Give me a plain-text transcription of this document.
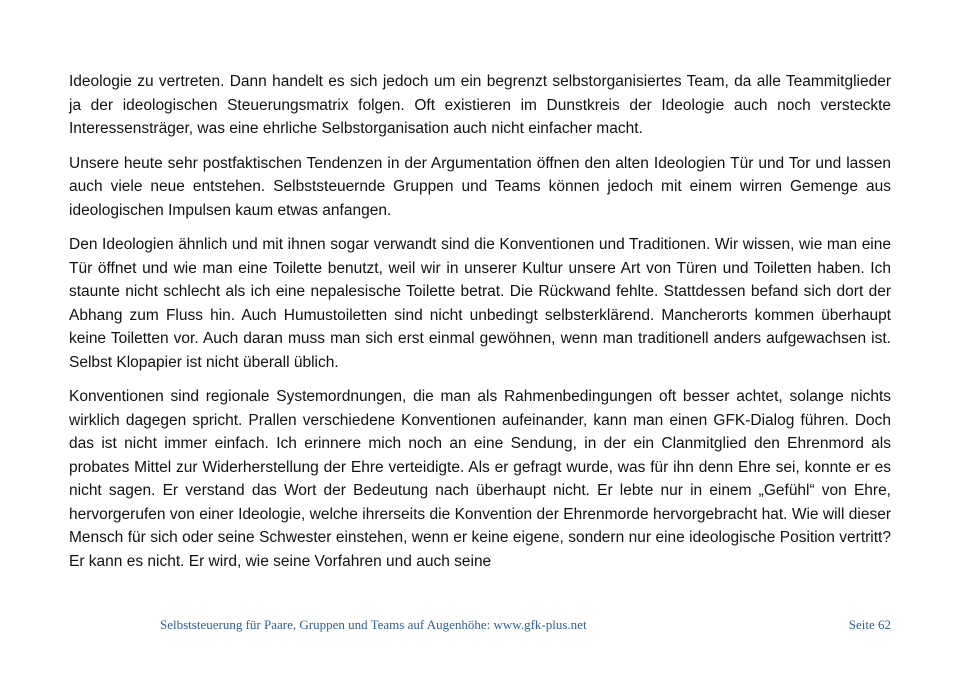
Ideologie zu vertreten. Dann handelt es sich jedoch um ein begrenzt selbstorganisiertes Team, da alle Teammitglieder ja der ideologischen Steuerungsmatrix folgen. Oft existieren im Dunstkreis der Ideologie auch noch versteckte Interessensträger, was eine ehrliche Selbstorganisation auch nicht einfacher macht.

Unsere heute sehr postfaktischen Tendenzen in der Argumentation öffnen den alten Ideologien Tür und Tor und lassen auch viele neue entstehen. Selbststeuernde Gruppen und Teams können jedoch mit einem wirren Gemenge aus ideologischen Impulsen kaum etwas anfangen.

Den Ideologien ähnlich und mit ihnen sogar verwandt sind die Konventionen und Traditionen. Wir wissen, wie man eine Tür öffnet und wie man eine Toilette benutzt, weil wir in unserer Kultur unsere Art von Türen und Toiletten haben. Ich staunte nicht schlecht als ich eine nepalesische Toilette betrat. Die Rückwand fehlte. Stattdessen befand sich dort der Abhang zum Fluss hin. Auch Humustoiletten sind nicht unbedingt selbsterklärend. Mancherorts kommen überhaupt keine Toiletten vor. Auch daran muss man sich erst einmal gewöhnen, wenn man traditionell anders aufgewachsen ist. Selbst Klopapier ist nicht überall üblich.

Konventionen sind regionale Systemordnungen, die man als Rahmenbedingungen oft besser achtet, solange nichts wirklich dagegen spricht. Prallen verschiedene Konventionen aufeinander, kann man einen GFK-Dialog führen. Doch das ist nicht immer einfach. Ich erinnere mich noch an eine Sendung, in der ein Clanmitglied den Ehrenmord als probates Mittel zur Widerherstellung der Ehre verteidigte. Als er gefragt wurde, was für ihn denn Ehre sei, konnte er es nicht sagen. Er verstand das Wort der Bedeutung nach überhaupt nicht. Er lebte nur in einem „Gefühl“ von Ehre, hervorgerufen von einer Ideologie, welche ihrerseits die Konvention der Ehrenmorde hervorgebracht hat. Wie will dieser Mensch für sich oder seine Schwester einstehen, wenn er keine eigene, sondern nur eine ideologische Position vertritt? Er kann es nicht. Er wird, wie seine Vorfahren und auch seine

Selbststeuerung für Paare, Gruppen und Teams auf Augenhöhe: www.gfk-plus.net	Seite 62
